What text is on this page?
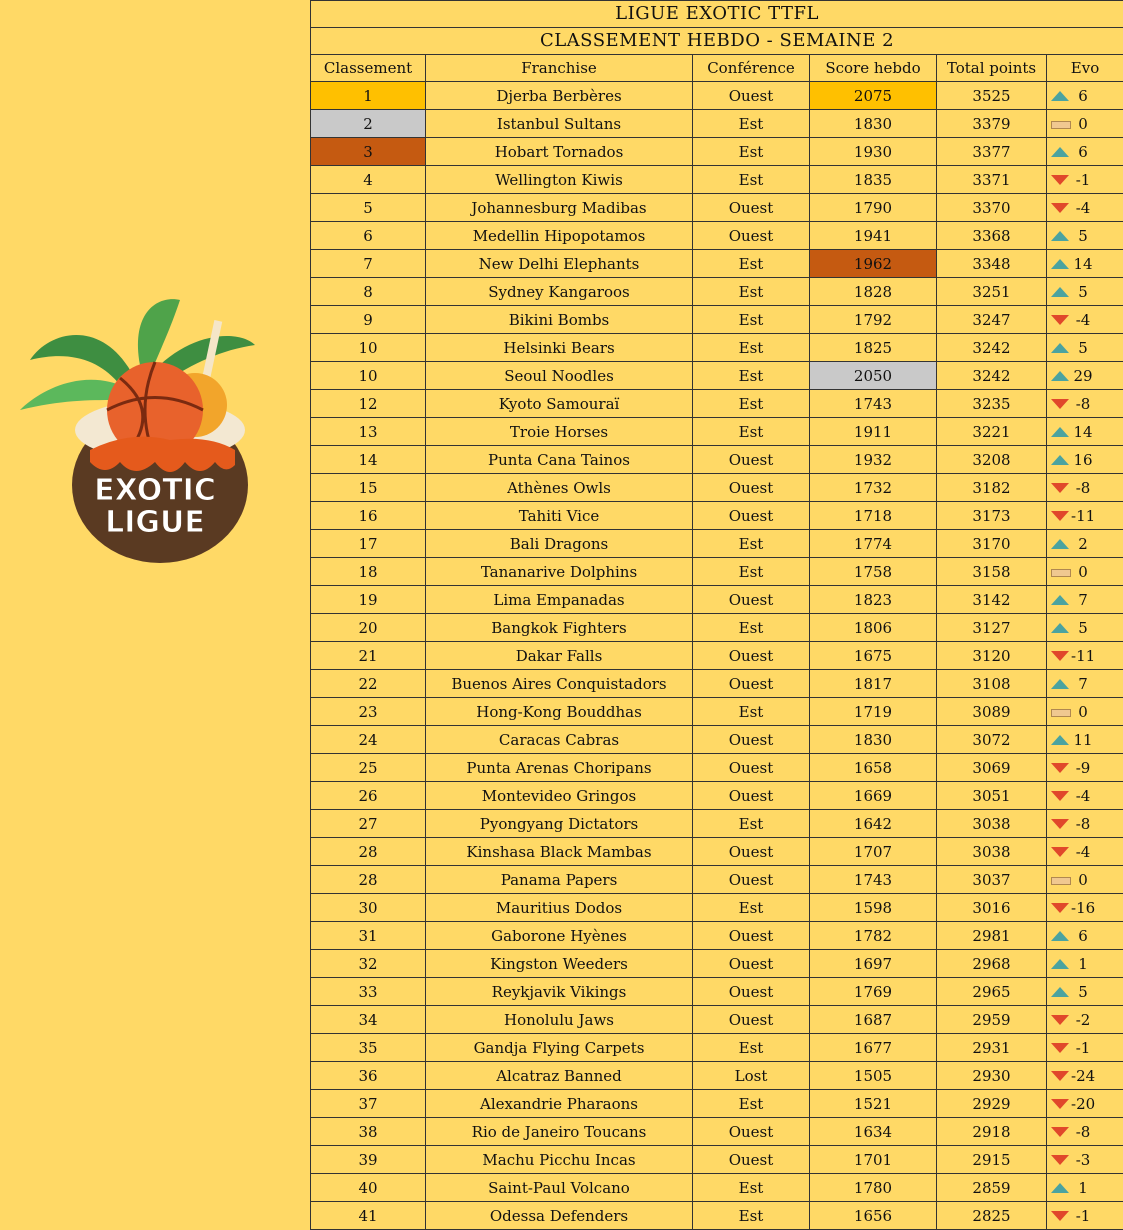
EXOTIC
LIGUE
LIGUE EXOTIC TTFL					
CLASSEMENT HEBDO - SEMAINE 2					
Classement	Franchise	Conférence	Score hebdo	Total points	Evo
1	Djerba Berbères	Ouest	2075	3525	6
2	Istanbul Sultans	Est	1830	3379	0
3	Hobart Tornados	Est	1930	3377	6
4	Wellington Kiwis	Est	1835	3371	-1
5	Johannesburg Madibas	Ouest	1790	3370	-4
6	Medellin Hipopotamos	Ouest	1941	3368	5
7	New Delhi Elephants	Est	1962	3348	14
8	Sydney Kangaroos	Est	1828	3251	5
9	Bikini Bombs	Est	1792	3247	-4
10	Helsinki Bears	Est	1825	3242	5
10	Seoul Noodles	Est	2050	3242	29
12	Kyoto Samouraï	Est	1743	3235	-8
13	Troie Horses	Est	1911	3221	14
14	Punta Cana Tainos	Ouest	1932	3208	16
15	Athènes Owls	Ouest	1732	3182	-8
16	Tahiti Vice	Ouest	1718	3173	-11
17	Bali Dragons	Est	1774	3170	2
18	Tananarive Dolphins	Est	1758	3158	0
19	Lima Empanadas	Ouest	1823	3142	7
20	Bangkok Fighters	Est	1806	3127	5
21	Dakar Falls	Ouest	1675	3120	-11
22	Buenos Aires Conquistadors	Ouest	1817	3108	7
23	Hong-Kong Bouddhas	Est	1719	3089	0
24	Caracas Cabras	Ouest	1830	3072	11
25	Punta Arenas Choripans	Ouest	1658	3069	-9
26	Montevideo Gringos	Ouest	1669	3051	-4
27	Pyongyang Dictators	Est	1642	3038	-8
28	Kinshasa Black Mambas	Ouest	1707	3038	-4
28	Panama Papers	Ouest	1743	3037	0
30	Mauritius Dodos	Est	1598	3016	-16
31	Gaborone Hyènes	Ouest	1782	2981	6
32	Kingston Weeders	Ouest	1697	2968	1
33	Reykjavik Vikings	Ouest	1769	2965	5
34	Honolulu Jaws	Ouest	1687	2959	-2
35	Gandja Flying Carpets	Est	1677	2931	-1
36	Alcatraz Banned	Lost	1505	2930	-24
37	Alexandrie Pharaons	Est	1521	2929	-20
38	Rio de Janeiro Toucans	Ouest	1634	2918	-8
39	Machu Picchu Incas	Ouest	1701	2915	-3
40	Saint-Paul Volcano	Est	1780	2859	1
41	Odessa Defenders	Est	1656	2825	-1
